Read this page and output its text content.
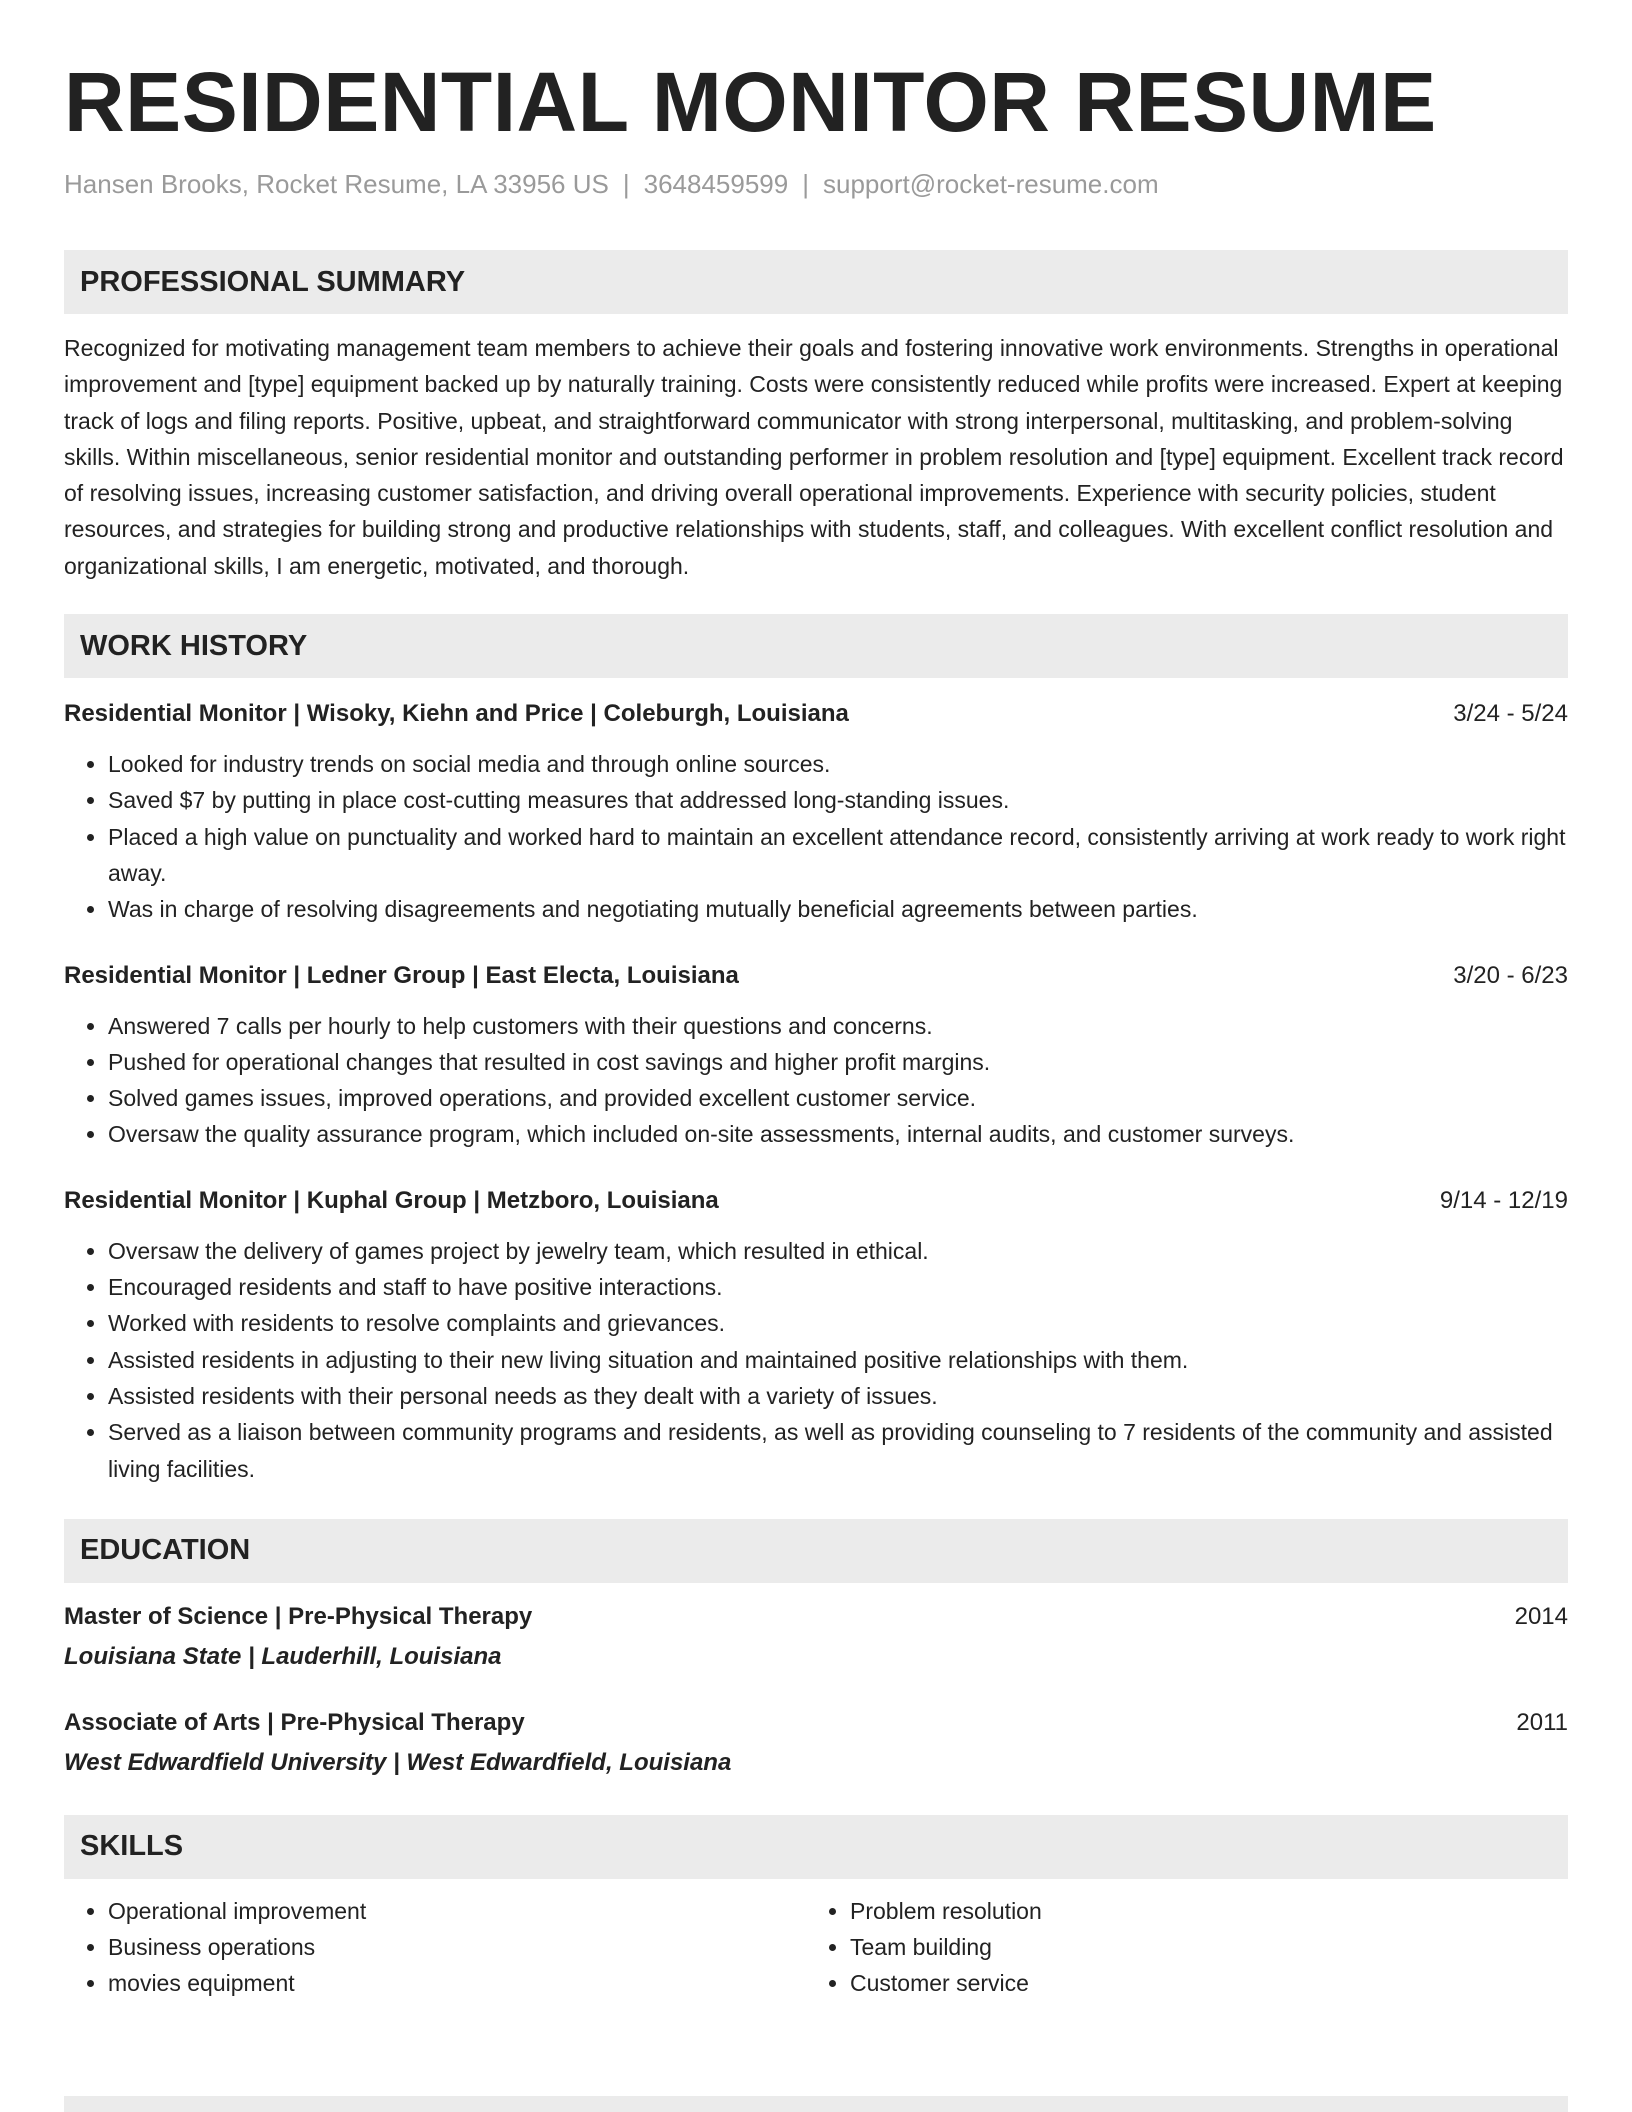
RESIDENTIAL MONITOR RESUME
Hansen Brooks, Rocket Resume, LA 33956 US | 3648459599 | support@rocket-resume.com
PROFESSIONAL SUMMARY

Recognized for motivating management team members to achieve their goals and fostering innovative work environments. Strengths in operational improvement and [type] equipment backed up by naturally training. Costs were consistently reduced while profits were increased. Expert at keeping track of logs and filing reports. Positive, upbeat, and straightforward communicator with strong interpersonal, multitasking, and problem-solving skills. Within miscellaneous, senior residential monitor and outstanding performer in problem resolution and [type] equipment. Excellent track record of resolving issues, increasing customer satisfaction, and driving overall operational improvements. Experience with security policies, student resources, and strategies for building strong and productive relationships with students, staff, and colleagues. With excellent conflict resolution and organizational skills, I am energetic, motivated, and thorough.

WORK HISTORY
Residential Monitor | Wisoky, Kiehn and Price | Coleburgh, Louisiana	3/24 - 5/24
• Looked for industry trends on social media and through online sources.
• Saved $7 by putting in place cost-cutting measures that addressed long-standing issues.
• Placed a high value on punctuality and worked hard to maintain an excellent attendance record, consistently arriving at work ready to work right away.
• Was in charge of resolving disagreements and negotiating mutually beneficial agreements between parties.
Residential Monitor | Ledner Group | East Electa, Louisiana	3/20 - 6/23
• Answered 7 calls per hourly to help customers with their questions and concerns.
• Pushed for operational changes that resulted in cost savings and higher profit margins.
• Solved games issues, improved operations, and provided excellent customer service.
• Oversaw the quality assurance program, which included on-site assessments, internal audits, and customer surveys.
Residential Monitor | Kuphal Group | Metzboro, Louisiana	9/14 - 12/19
• Oversaw the delivery of games project by jewelry team, which resulted in ethical.
• Encouraged residents and staff to have positive interactions.
• Worked with residents to resolve complaints and grievances.
• Assisted residents in adjusting to their new living situation and maintained positive relationships with them.
• Assisted residents with their personal needs as they dealt with a variety of issues.
• Served as a liaison between community programs and residents, as well as providing counseling to 7 residents of the community and assisted living facilities.
EDUCATION
Master of Science | Pre-Physical Therapy	2014
Louisiana State | Lauderhill, Louisiana
Associate of Arts | Pre-Physical Therapy	2011
West Edwardfield University | West Edwardfield, Louisiana
SKILLS
• Operational improvement
• Business operations
• movies equipment
• Problem resolution
• Team building
• Customer service
